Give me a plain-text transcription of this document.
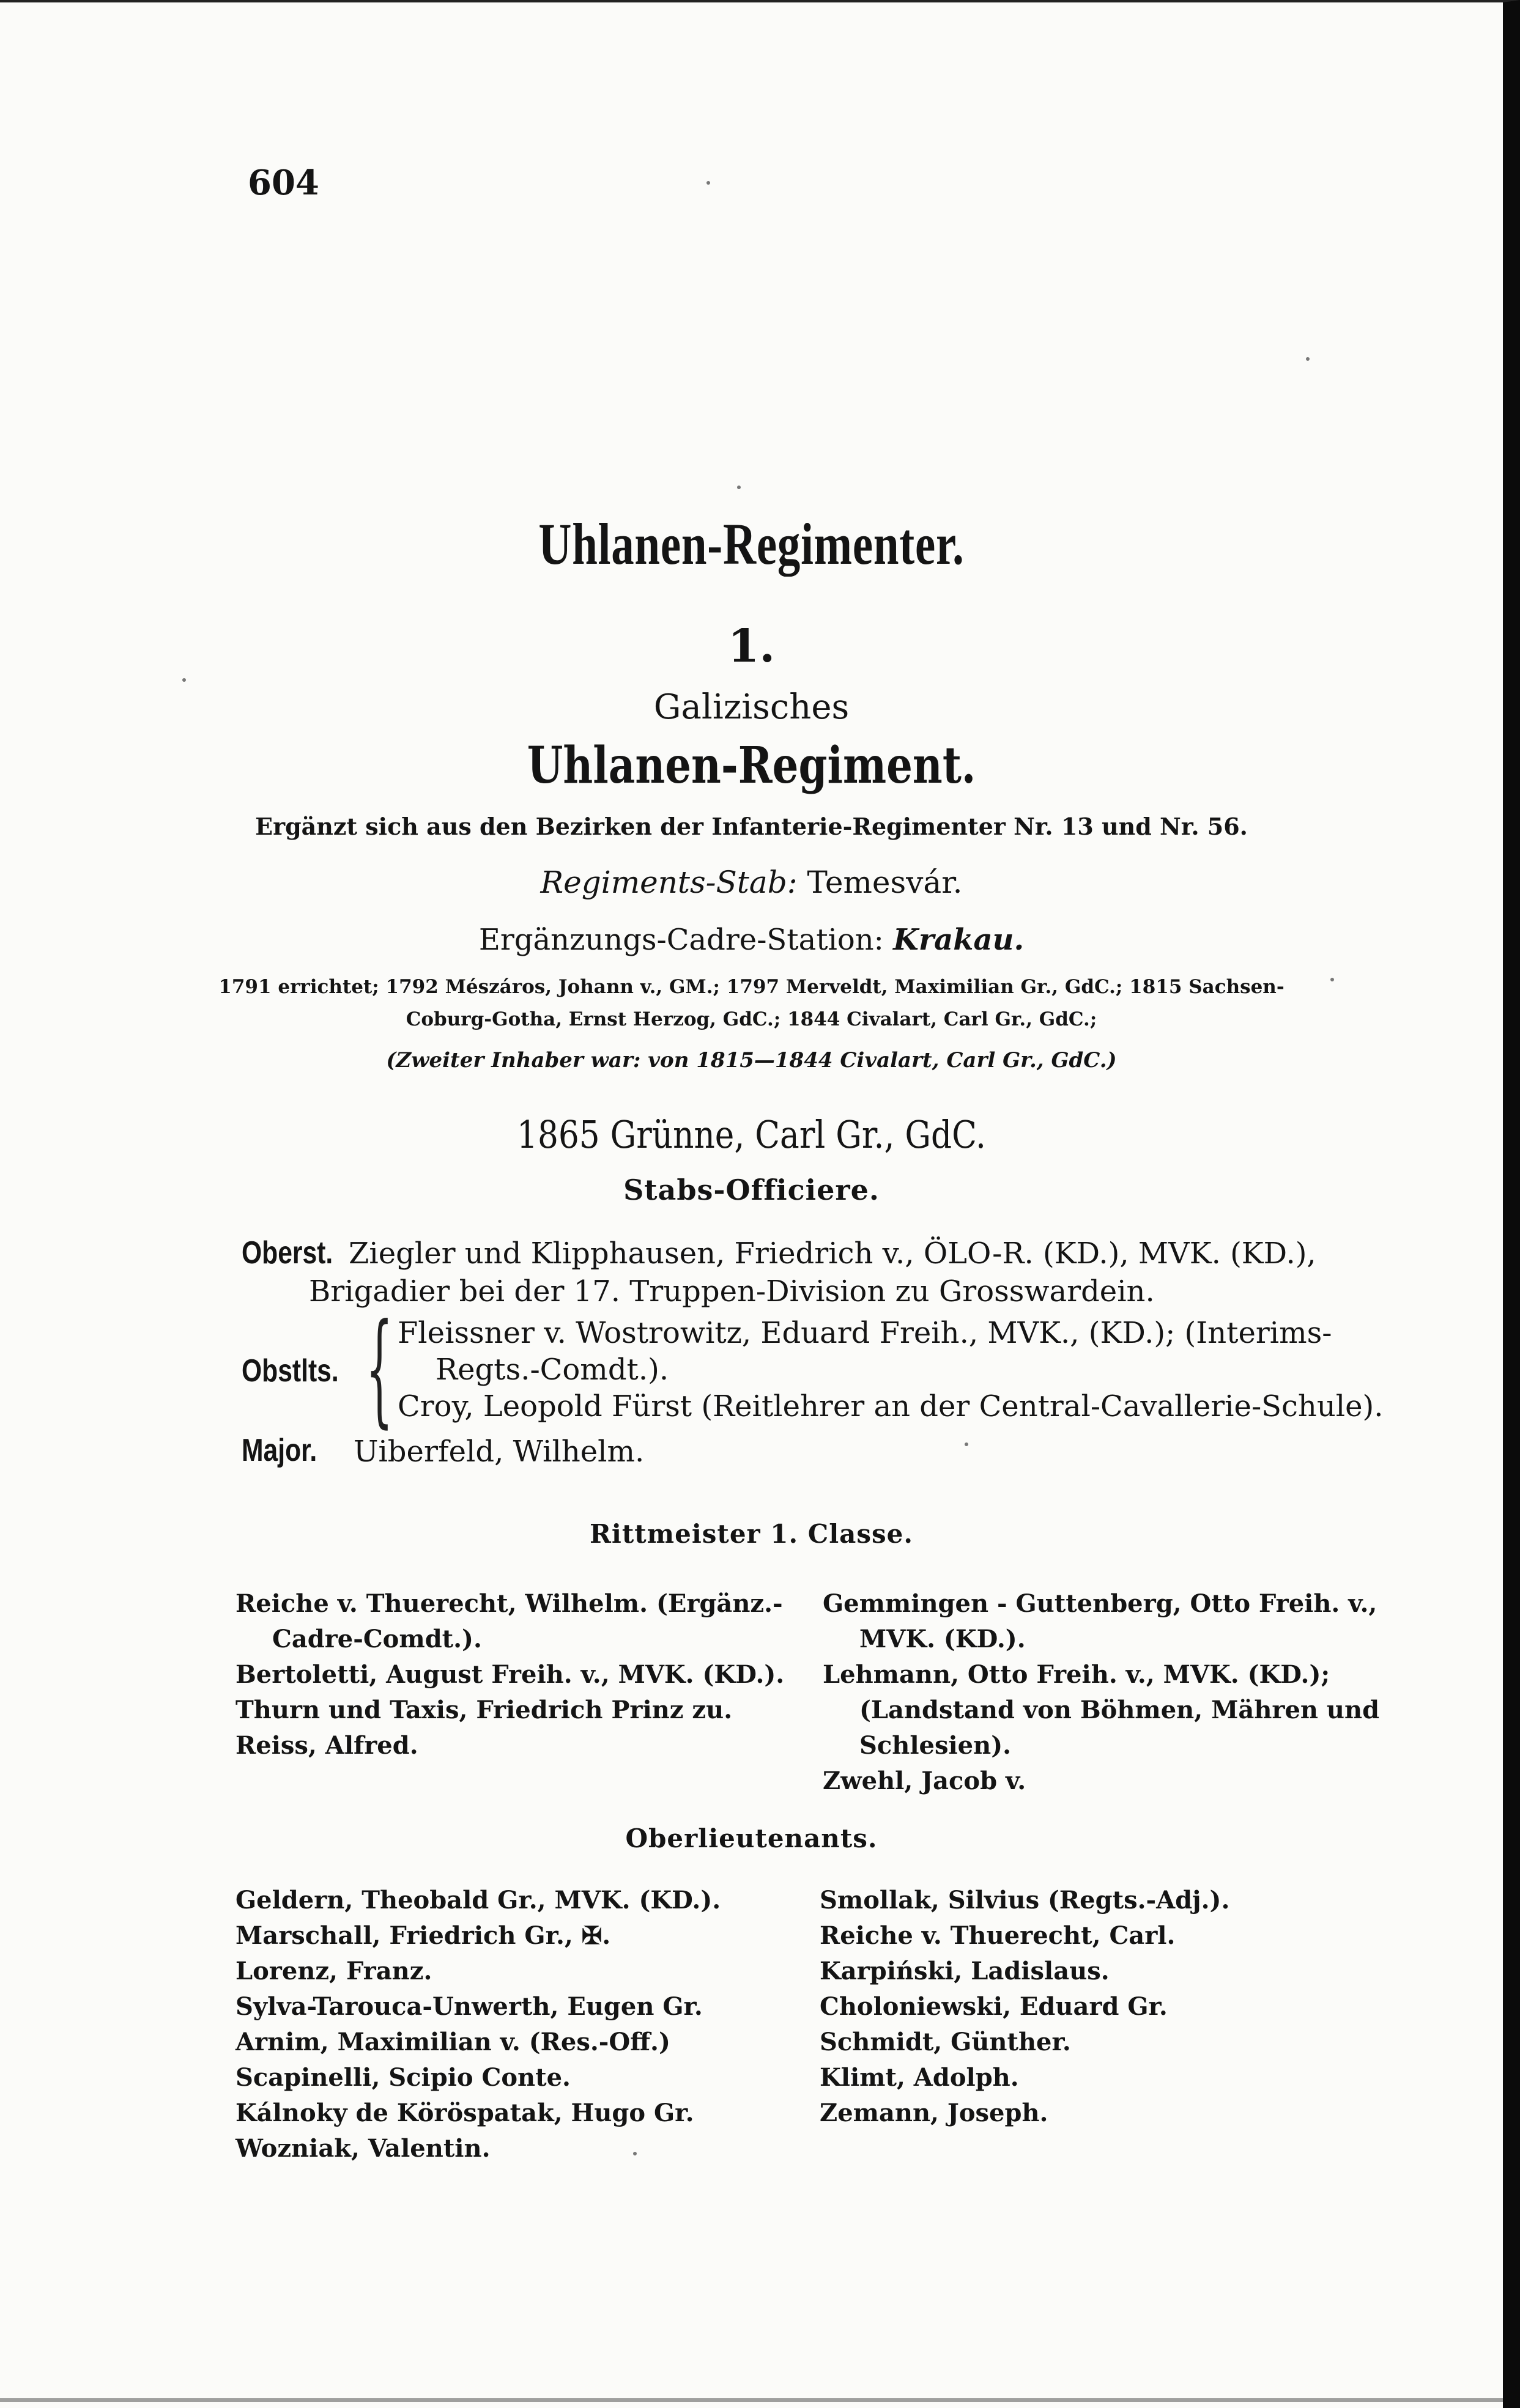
604
Uhlanen-Regimenter.
1.
Galizisches
Uhlanen-Regiment.
Ergänzt sich aus den Bezirken der Infanterie-Regimenter Nr. 13 und Nr. 56.
Regiments-Stab: Temesvár.
Ergänzungs-Cadre-Station: Krakau.
1791 errichtet; 1792 Mészáros, Johann v., GM.; 1797 Merveldt, Maximilian Gr., GdC.; 1815 Sachsen-
Coburg-Gotha, Ernst Herzog, GdC.; 1844 Civalart, Carl Gr., GdC.;
(Zweiter Inhaber war: von 1815—1844 Civalart, Carl Gr., GdC.)
1865 Grünne, Carl Gr., GdC.
Stabs-Officiere.
Oberst. Ziegler und Klipphausen, Friedrich v., ÖLO-R. (KD.), MVK. (KD.),
Brigadier bei der 17. Truppen-Division zu Grosswardein.
Obstlts. { Fleissner v. Wostrowitz, Eduard Freih., MVK., (KD.); (Interims-
Regts.-Comdt.).
Croy, Leopold Fürst (Reitlehrer an der Central-Cavallerie-Schule).
Major. Uiberfeld, Wilhelm.
Rittmeister 1. Classe.
Reiche v. Thuerecht, Wilhelm. (Ergänz.-
Cadre-Comdt.).
Bertoletti, August Freih. v., MVK. (KD.).
Thurn und Taxis, Friedrich Prinz zu.
Reiss, Alfred.
Gemmingen - Guttenberg, Otto Freih. v.,
MVK. (KD.).
Lehmann, Otto Freih. v., MVK. (KD.);
(Landstand von Böhmen, Mähren und
Schlesien).
Zwehl, Jacob v.
Oberlieutenants.
Geldern, Theobald Gr., MVK. (KD.).
Marschall, Friedrich Gr., ✠.
Lorenz, Franz.
Sylva-Tarouca-Unwerth, Eugen Gr.
Arnim, Maximilian v. (Res.-Off.)
Scapinelli, Scipio Conte.
Kálnoky de Köröspatak, Hugo Gr.
Wozniak, Valentin.
Smollak, Silvius (Regts.-Adj.).
Reiche v. Thuerecht, Carl.
Karpiński, Ladislaus.
Choloniewski, Eduard Gr.
Schmidt, Günther.
Klimt, Adolph.
Zemann, Joseph.
